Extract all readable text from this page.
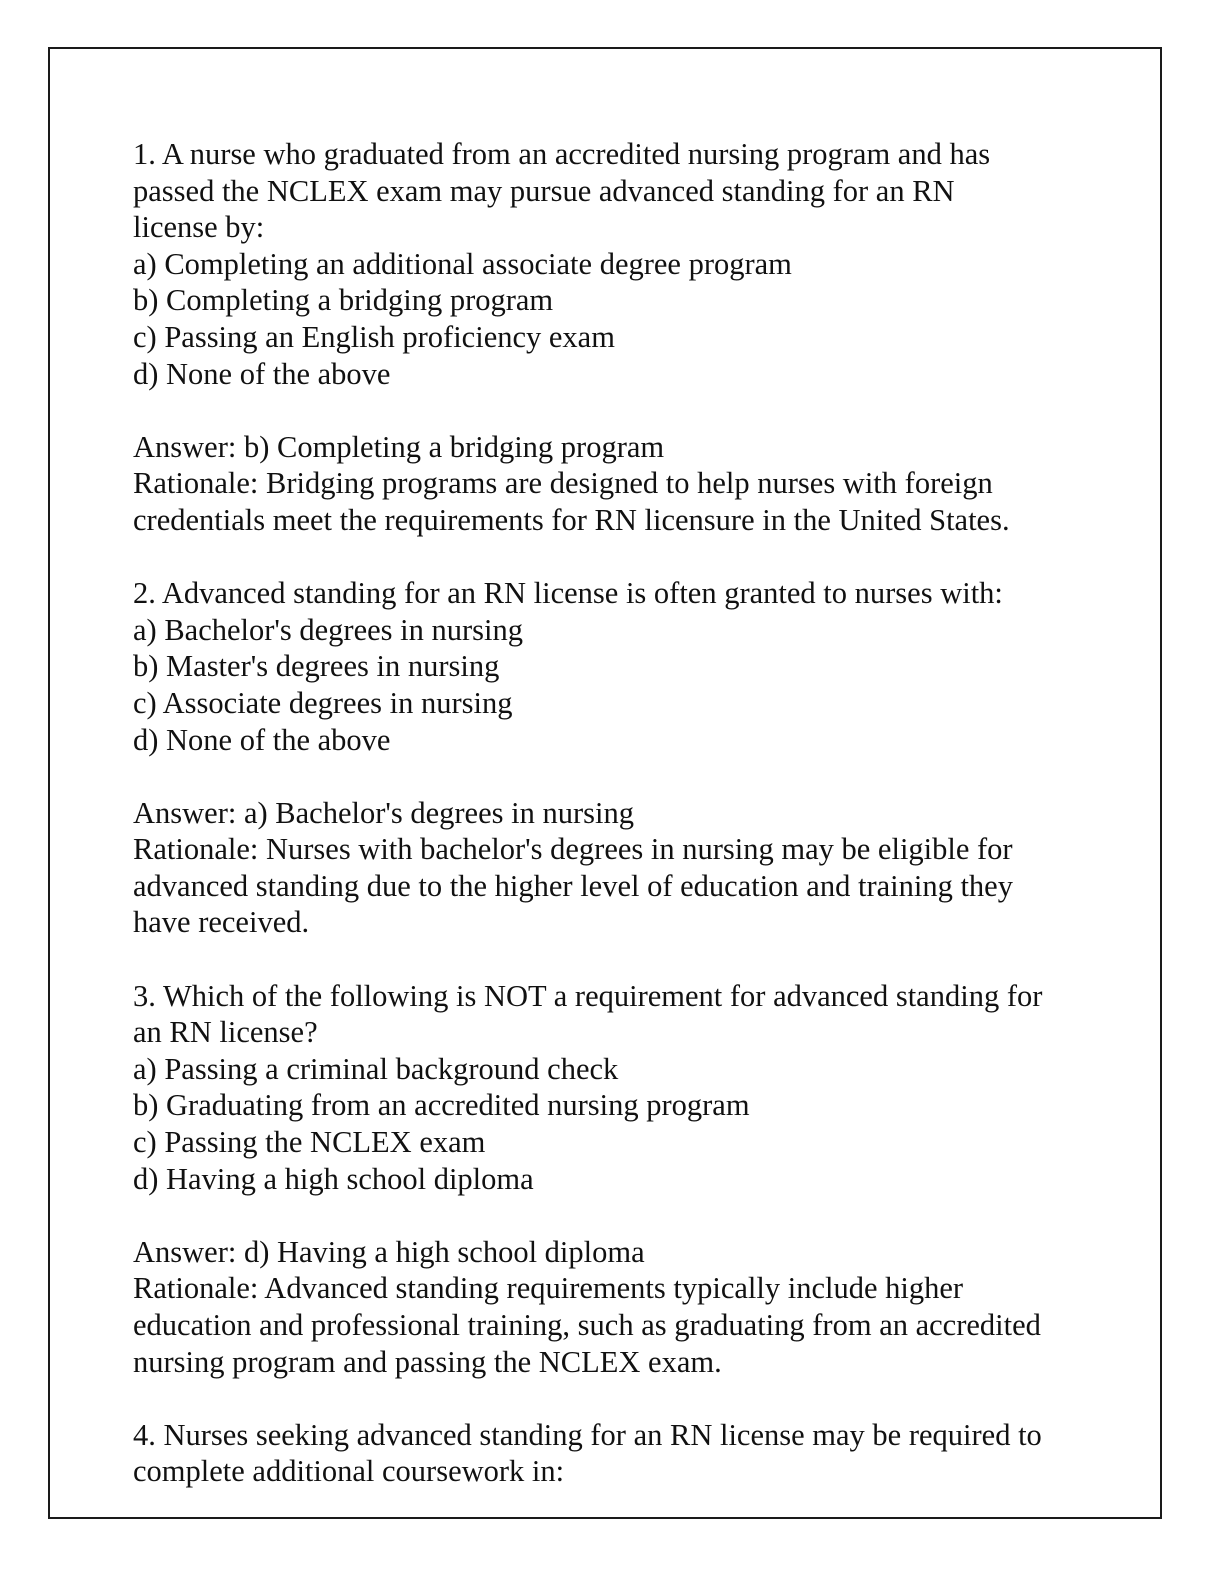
1. A nurse who graduated from an accredited nursing program and has
passed the NCLEX exam may pursue advanced standing for an RN
license by:
a) Completing an additional associate degree program
b) Completing a bridging program
c) Passing an English proficiency exam
d) None of the above
Answer: b) Completing a bridging program
Rationale: Bridging programs are designed to help nurses with foreign
credentials meet the requirements for RN licensure in the United States.
2. Advanced standing for an RN license is often granted to nurses with:
a) Bachelor's degrees in nursing
b) Master's degrees in nursing
c) Associate degrees in nursing
d) None of the above
Answer: a) Bachelor's degrees in nursing
Rationale: Nurses with bachelor's degrees in nursing may be eligible for
advanced standing due to the higher level of education and training they
have received.
3. Which of the following is NOT a requirement for advanced standing for
an RN license?
a) Passing a criminal background check
b) Graduating from an accredited nursing program
c) Passing the NCLEX exam
d) Having a high school diploma
Answer: d) Having a high school diploma
Rationale: Advanced standing requirements typically include higher
education and professional training, such as graduating from an accredited
nursing program and passing the NCLEX exam.
4. Nurses seeking advanced standing for an RN license may be required to
complete additional coursework in:
